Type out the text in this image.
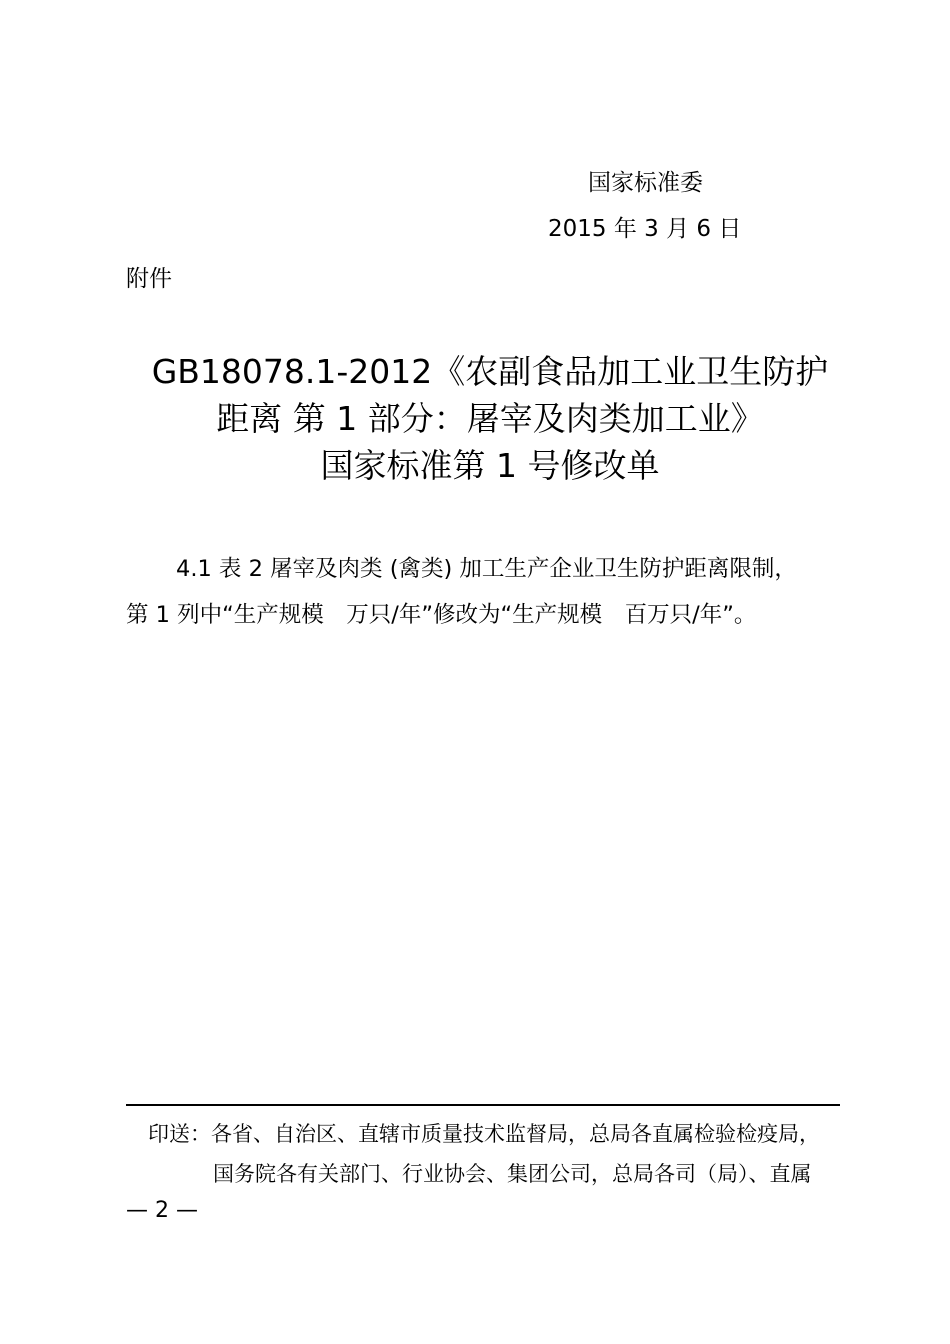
国家标准委
2015 年 3 月 6 日
附件
GB18078.1-2012《农副食品加工业卫生防护
距离 第 1 部分：屠宰及肉类加工业》
国家标准第 1 号修改单
4.1 表 2 屠宰及肉类 (禽类) 加工生产企业卫生防护距离限制，
第 1 列中“生产规模　万只/年”修改为“生产规模　百万只/年”。
印送：各省、自治区、直辖市质量技术监督局，总局各直属检验检疫局，
国务院各有关部门、行业协会、集团公司，总局各司（局）、直属
— 2 —
